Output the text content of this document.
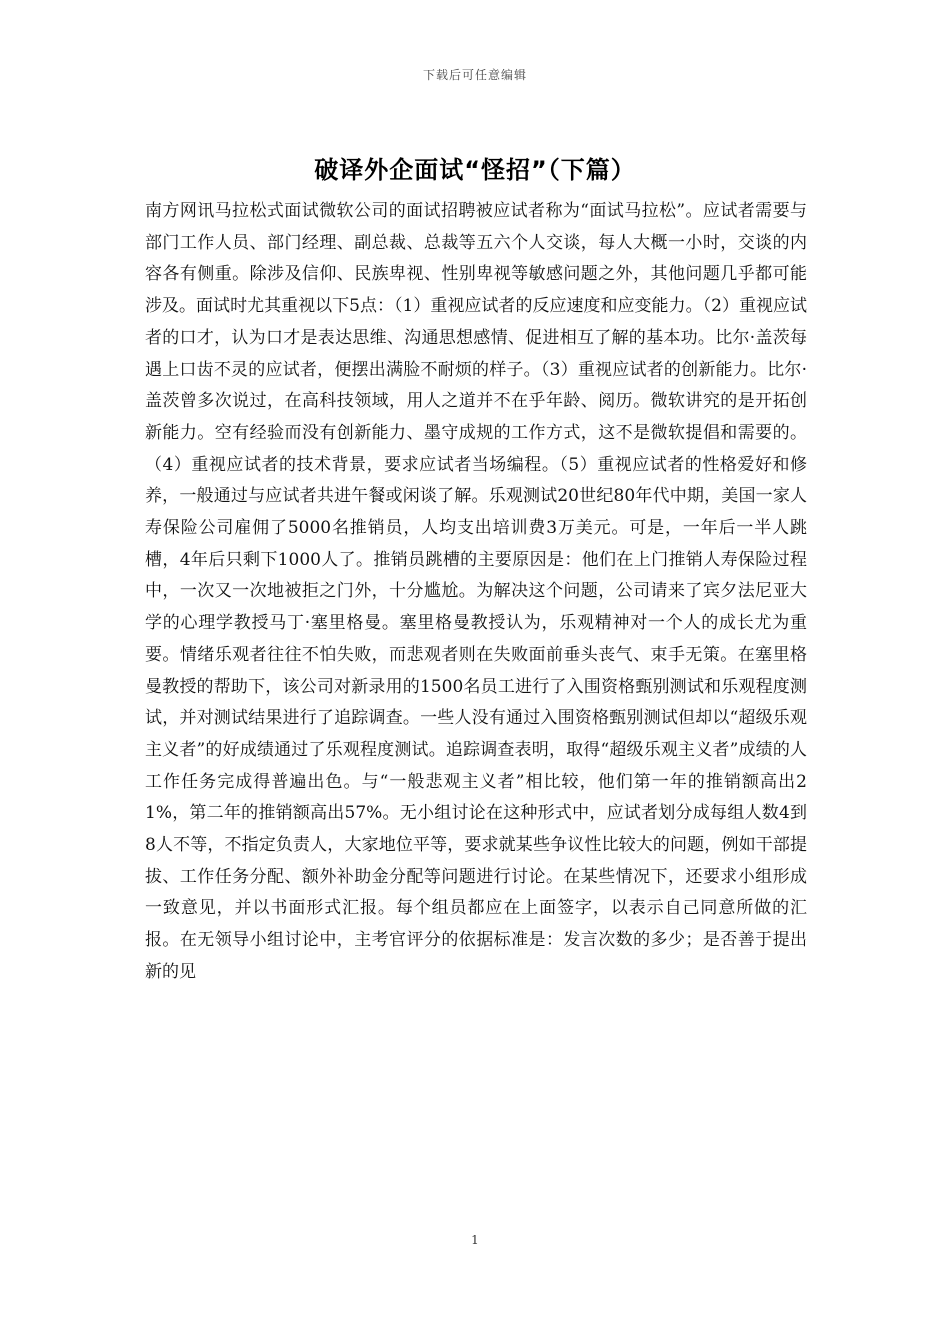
下载后可任意编辑
破译外企面试“怪招”（下篇）

南方网讯马拉松式面试微软公司的面试招聘被应试者称为“面试马拉松”。应试者需要与部门工作人员、部门经理、副总裁、总裁等五六个人交谈，每人大概一小时，交谈的内容各有侧重。除涉及信仰、民族卑视、性别卑视等敏感问题之外，其他问题几乎都可能涉及。面试时尤其重视以下5点：（1）重视应试者的反应速度和应变能力。（2）重视应试者的口才，认为口才是表达思维、沟通思想感情、促进相互了解的基本功。比尔·盖茨每遇上口齿不灵的应试者，便摆出满脸不耐烦的样子。（3）重视应试者的创新能力。比尔·盖茨曾多次说过，在高科技领域，用人之道并不在乎年龄、阅历。微软讲究的是开拓创新能力。空有经验而没有创新能力、墨守成规的工作方式，这不是微软提倡和需要的。（4）重视应试者的技术背景，要求应试者当场编程。（5）重视应试者的性格爱好和修养，一般通过与应试者共进午餐或闲谈了解。乐观测试20世纪80年代中期，美国一家人寿保险公司雇佣了5000名推销员，人均支出培训费3万美元。可是，一年后一半人跳槽，4年后只剩下1000人了。推销员跳槽的主要原因是：他们在上门推销人寿保险过程中，一次又一次地被拒之门外，十分尴尬。为解决这个问题，公司请来了宾夕法尼亚大学的心理学教授马丁·塞里格曼。塞里格曼教授认为，乐观精神对一个人的成长尤为重要。情绪乐观者往往不怕失败，而悲观者则在失败面前垂头丧气、束手无策。在塞里格曼教授的帮助下，该公司对新录用的1500名员工进行了入围资格甄别测试和乐观程度测试，并对测试结果进行了追踪调查。一些人没有通过入围资格甄别测试但却以“超级乐观主义者”的好成绩通过了乐观程度测试。追踪调查表明，取得“超级乐观主义者”成绩的人工作任务完成得普遍出色。与“一般悲观主义者”相比较，他们第一年的推销额高出21%，第二年的推销额高出57%。无小组讨论在这种形式中，应试者划分成每组人数4到8人不等，不指定负责人，大家地位平等，要求就某些争议性比较大的问题，例如干部提拔、工作任务分配、额外补助金分配等问题进行讨论。在某些情况下，还要求小组形成一致意见，并以书面形式汇报。每个组员都应在上面签字，以表示自己同意所做的汇报。在无领导小组讨论中，主考官评分的依据标准是：发言次数的多少；是否善于提出新的见

1
